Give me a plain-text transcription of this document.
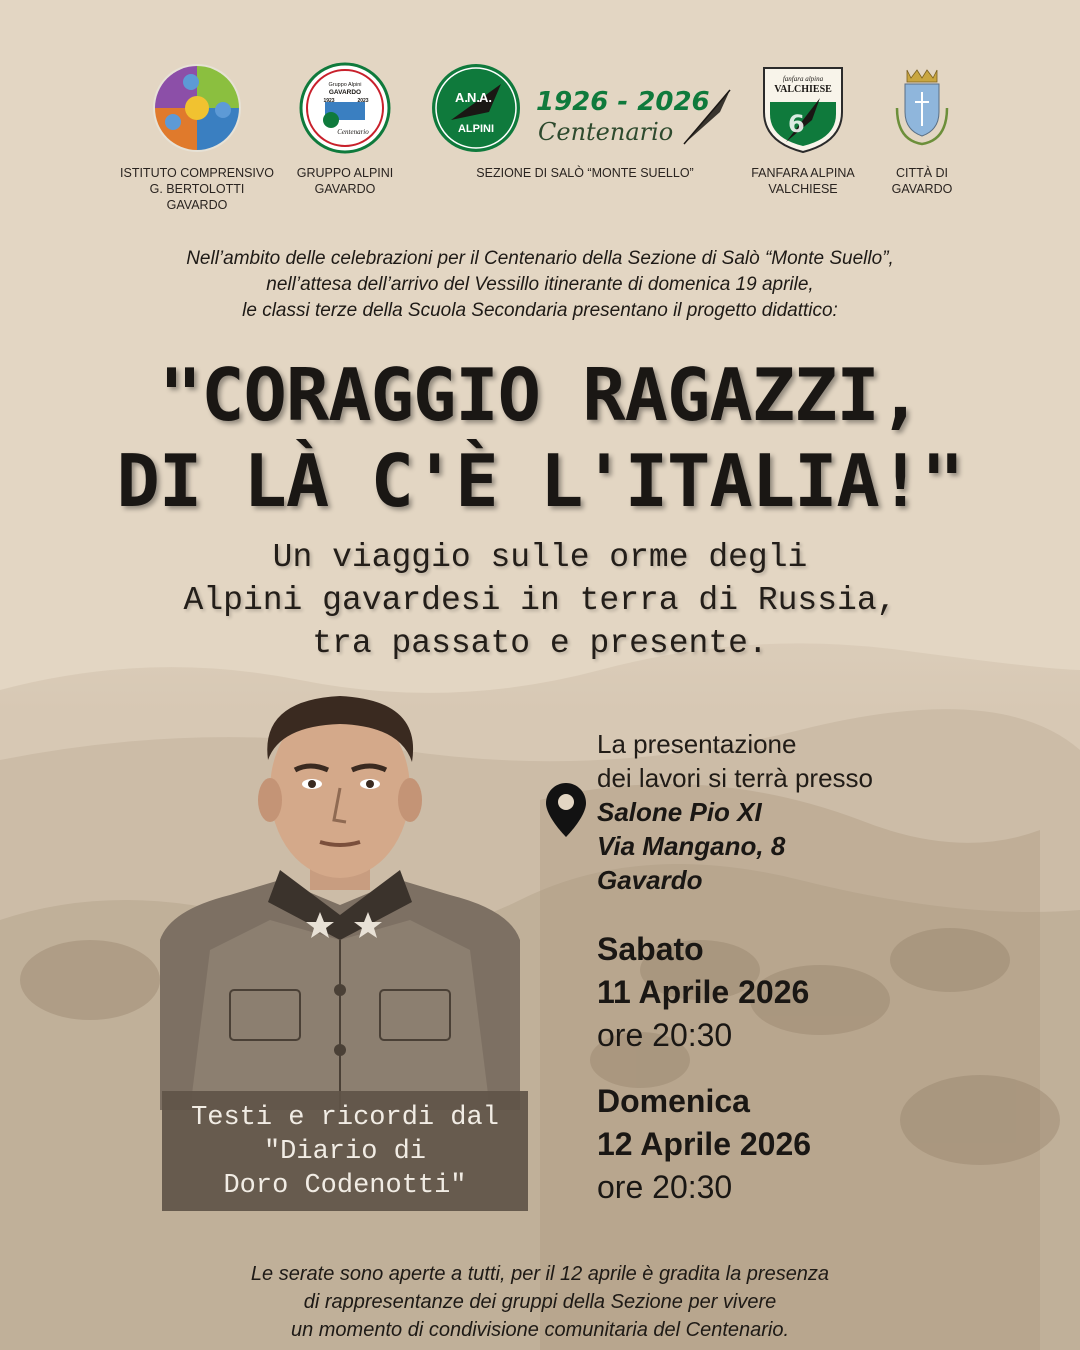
ISTITUTO COMPRENSIVO
G. BERTOLOTTI
GAVARDO
Gruppo Alpini
GAVARDO
1923	2023
Centenario
GRUPPO ALPINI
GAVARDO
A. N. A.
ALPINI
1926 - 2026
Centenario
SEZIONE DI SALÒ “MONTE SUELLO”
fanfara alpina
VALCHIESE
6
FANFARA ALPINA
VALCHIESE
CITTÀ DI
GAVARDO
Nell’ambito delle celebrazioni per il Centenario della Sezione di Salò “Monte Suello”,
nell’attesa dell’arrivo del Vessillo itinerante di domenica 19 aprile,
le classi terze della Scuola Secondaria presentano il progetto didattico:
"CORAGGIO RAGAZZI,
DI LÀ C'È L'ITALIA!"
Un viaggio sulle orme degli
Alpini gavardesi in terra di Russia,
tra passato e presente.
Testi e ricordi dal
"Diario di
Doro Codenotti"
La presentazione
dei lavori si terrà presso
Salone Pio XI
Via Mangano, 8
Gavardo
Sabato
11 Aprile 2026
ore 20:30
Domenica
12 Aprile 2026
ore 20:30
Le serate sono aperte a tutti, per il 12 aprile è gradita la presenza
di rappresentanze dei gruppi della Sezione per vivere
un momento di condivisione comunitaria del Centenario.
